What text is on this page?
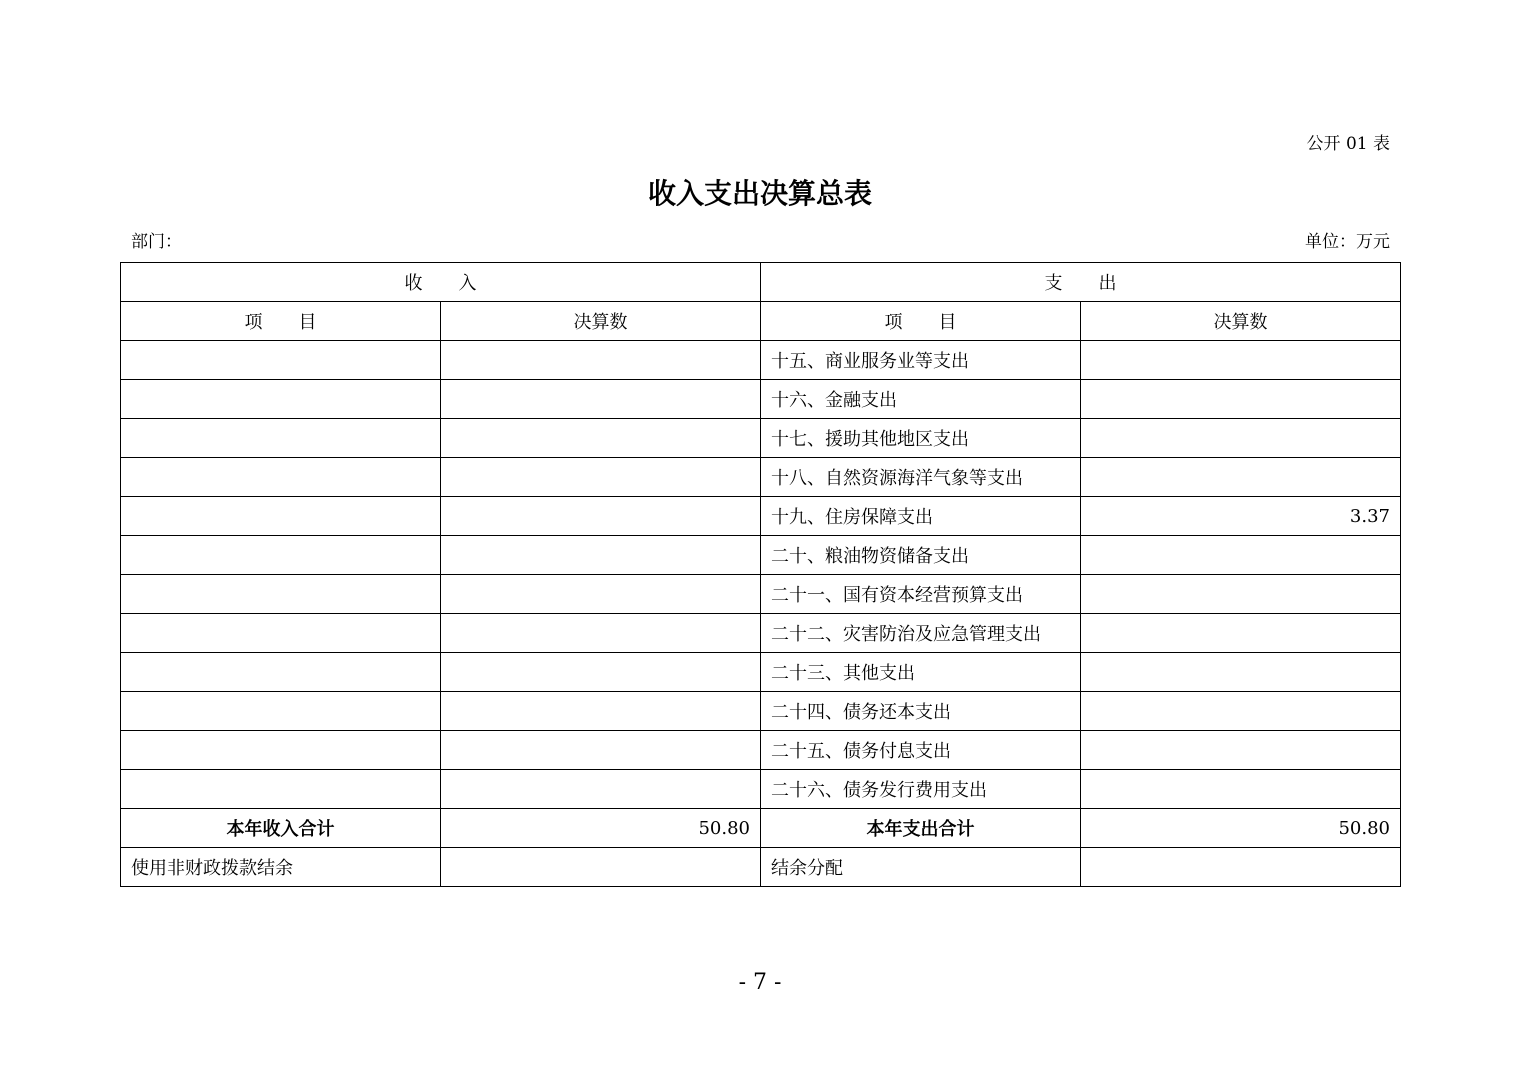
公开 01 表
收入支出决算总表
部门：	单位：万元
收　　入		支　　出	
项　　目	决算数	项　　目	决算数
		十五、商业服务业等支出	
		十六、金融支出	
		十七、援助其他地区支出	
		十八、自然资源海洋气象等支出	
		十九、住房保障支出	3.37
		二十、粮油物资储备支出	
		二十一、国有资本经营预算支出	
		二十二、灾害防治及应急管理支出	
		二十三、其他支出	
		二十四、债务还本支出	
		二十五、债务付息支出	
		二十六、债务发行费用支出	
本年收入合计	50.80	本年支出合计	50.80
使用非财政拨款结余		结余分配	
- 7 -
